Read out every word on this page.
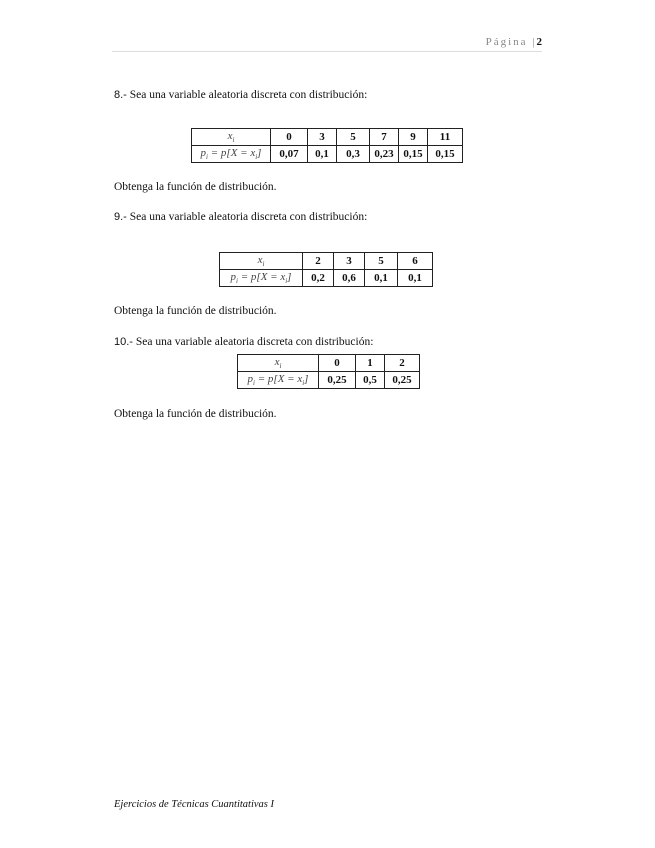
Página |2
8.- Sea una variable aleatoria discreta con distribución:
$x_i$	0	3	5	7	9	11
$p_i = p[X = x_i]$	0,07	0,1	0,3	0,23	0,15	0,15
Obtenga la función de distribución.
9.- Sea una variable aleatoria discreta con distribución:
$x_i$	2	3	5	6
$p_i = p[X = x_i]$	0,2	0,6	0,1	0,1
Obtenga la función de distribución.
10.- Sea una variable aleatoria discreta con distribución:
$x_i$	0	1	2
$p_i = p[X = x_i]$	0,25	0,5	0,25
Obtenga la función de distribución.
Ejercicios de Técnicas Cuantitativas I
